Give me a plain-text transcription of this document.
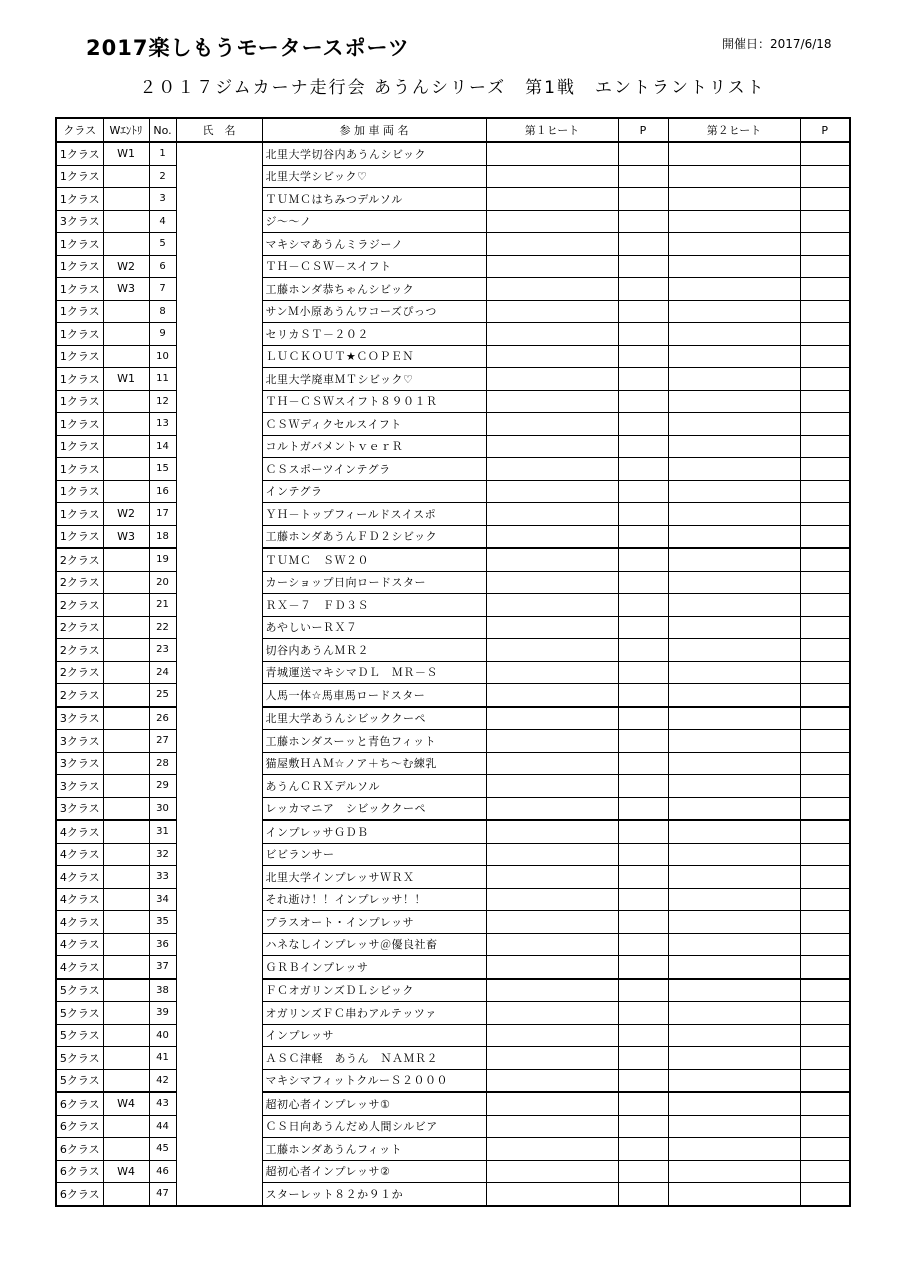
2017楽しもうモータースポーツ	開催日：2017/6/18
２０１７ジムカーナ走行会 あうんシリーズ　第1戦　エントラントリスト
クラス	Wｴﾝﾄﾘ	No.	氏　名	参 加 車 両 名	第１ヒート	P	第２ヒート	P
1クラス	W1	1		北里大学切谷内あうんシビック				
1クラス		2		北里大学シビック♡				
1クラス		3		ＴＵＭＣはちみつデルソル				
3クラス		4		ジ～～ノ				
1クラス		5		マキシマあうんミラジーノ				
1クラス	W2	6		ＴＨ－ＣＳＷ－スイフト				
1クラス	W3	7		工藤ホンダ恭ちゃんシビック				
1クラス		8		サンＭ小原あうんワコーズぴっつ				
1クラス		9		セリカＳＴ－２０２				
1クラス		10		ＬＵＣＫＯＵＴ★ＣＯＰＥＮ				
1クラス	W1	11		北里大学廃車ＭＴシビック♡				
1クラス		12		ＴＨ－ＣＳＷスイフト８９０１Ｒ				
1クラス		13		ＣＳＷディクセルスイフト				
1クラス		14		コルトガバメントｖｅｒＲ				
1クラス		15		ＣＳスポーツインテグラ				
1クラス		16		インテグラ				
1クラス	W2	17		ＹＨ－トップフィールドスイスポ				
1クラス	W3	18		工藤ホンダあうんＦＤ２シビック				
2クラス		19		ＴＵＭＣ　ＳＷ２０				
2クラス		20		カーショップ日向ロードスター				
2クラス		21		ＲＸ－７　ＦＤ３Ｓ				
2クラス		22		あやしいーＲＸ７				
2クラス		23		切谷内あうんＭＲ２				
2クラス		24		青城運送マキシマＤＬ　ＭＲ－Ｓ				
2クラス		25		人馬一体☆馬車馬ロードスター				
3クラス		26		北里大学あうんシビッククーペ				
3クラス		27		工藤ホンダスーッと青色フィット				
3クラス		28		猫屋敷ＨＡＭ☆ノア＋ち～む練乳				
3クラス		29		あうんＣＲＸデルソル				
3クラス		30		レッカマニア　シビッククーペ				
4クラス		31		インプレッサＧＤＢ				
4クラス		32		ビビランサー				
4クラス		33		北里大学インプレッサＷＲＸ				
4クラス		34		それ逝け！！インプレッサ！！				
4クラス		35		プラスオート・インプレッサ				
4クラス		36		ハネなしインプレッサ＠優良社畜				
4クラス		37		ＧＲＢインプレッサ				
5クラス		38		ＦＣオガリンズＤＬシビック				
5クラス		39		オガリンズＦＣ串わアルテッツァ				
5クラス		40		インプレッサ				
5クラス		41		ＡＳＣ津軽　あうん　ＮＡＭＲ２				
5クラス		42		マキシマフィットクルーＳ２０００				
6クラス	W4	43		超初心者インプレッサ①				
6クラス		44		ＣＳ日向あうんだめ人間シルビア				
6クラス		45		工藤ホンダあうんフィット				
6クラス	W4	46		超初心者インプレッサ②				
6クラス		47		スターレット８２か９１か				
